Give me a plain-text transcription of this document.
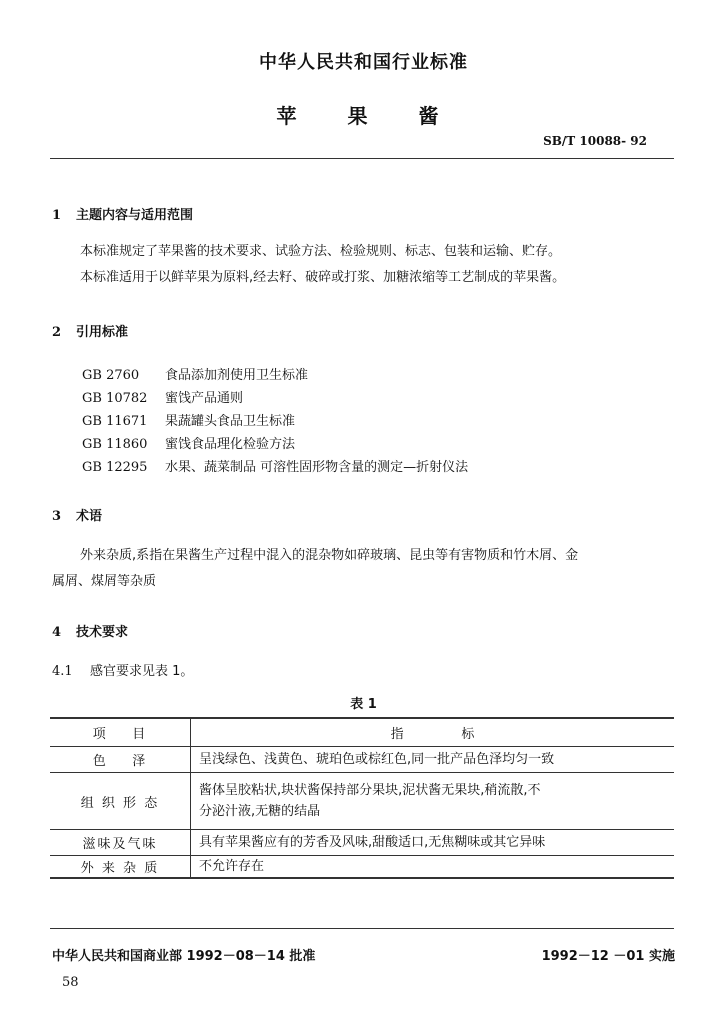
中华人民共和国行业标准
苹 果 酱
SB/T 10088- 92
1 主题内容与适用范围
本标准规定了苹果酱的技术要求、试验方法、检验规则、标志、包装和运输、贮存。
本标准适用于以鲜苹果为原料,经去籽、破碎或打浆、加糖浓缩等工艺制成的苹果酱。
2 引用标准
GB 2760 食品添加剂使用卫生标准
GB 10782 蜜饯产品通则
GB 11671 果蔬罐头食品卫生标准
GB 11860 蜜饯食品理化检验方法
GB 12295 水果、蔬菜制品 可溶性固形物含量的测定—折射仪法
3 术语
外来杂质,系指在果酱生产过程中混入的混杂物如碎玻璃、昆虫等有害物质和竹木屑、金
属屑、煤屑等杂质
4 技术要求
4.1 感官要求见表 1。
表 1
项    目	指              标
色    泽	呈浅绿色、浅黄色、琥珀色或棕红色,同一批产品色泽均匀一致
组 织 形 态	酱体呈胶粘状,块状酱保持部分果块,泥状酱无果块,稍流散,不
分泌汁液,无糖的结晶

滋味及气味	具有苹果酱应有的芳香及风味,甜酸适口,无焦糊味或其它异味
外 来 杂 质	不允许存在
中华人民共和国商业部 1992－08－14 批准	1992－12 －01 实施
58
